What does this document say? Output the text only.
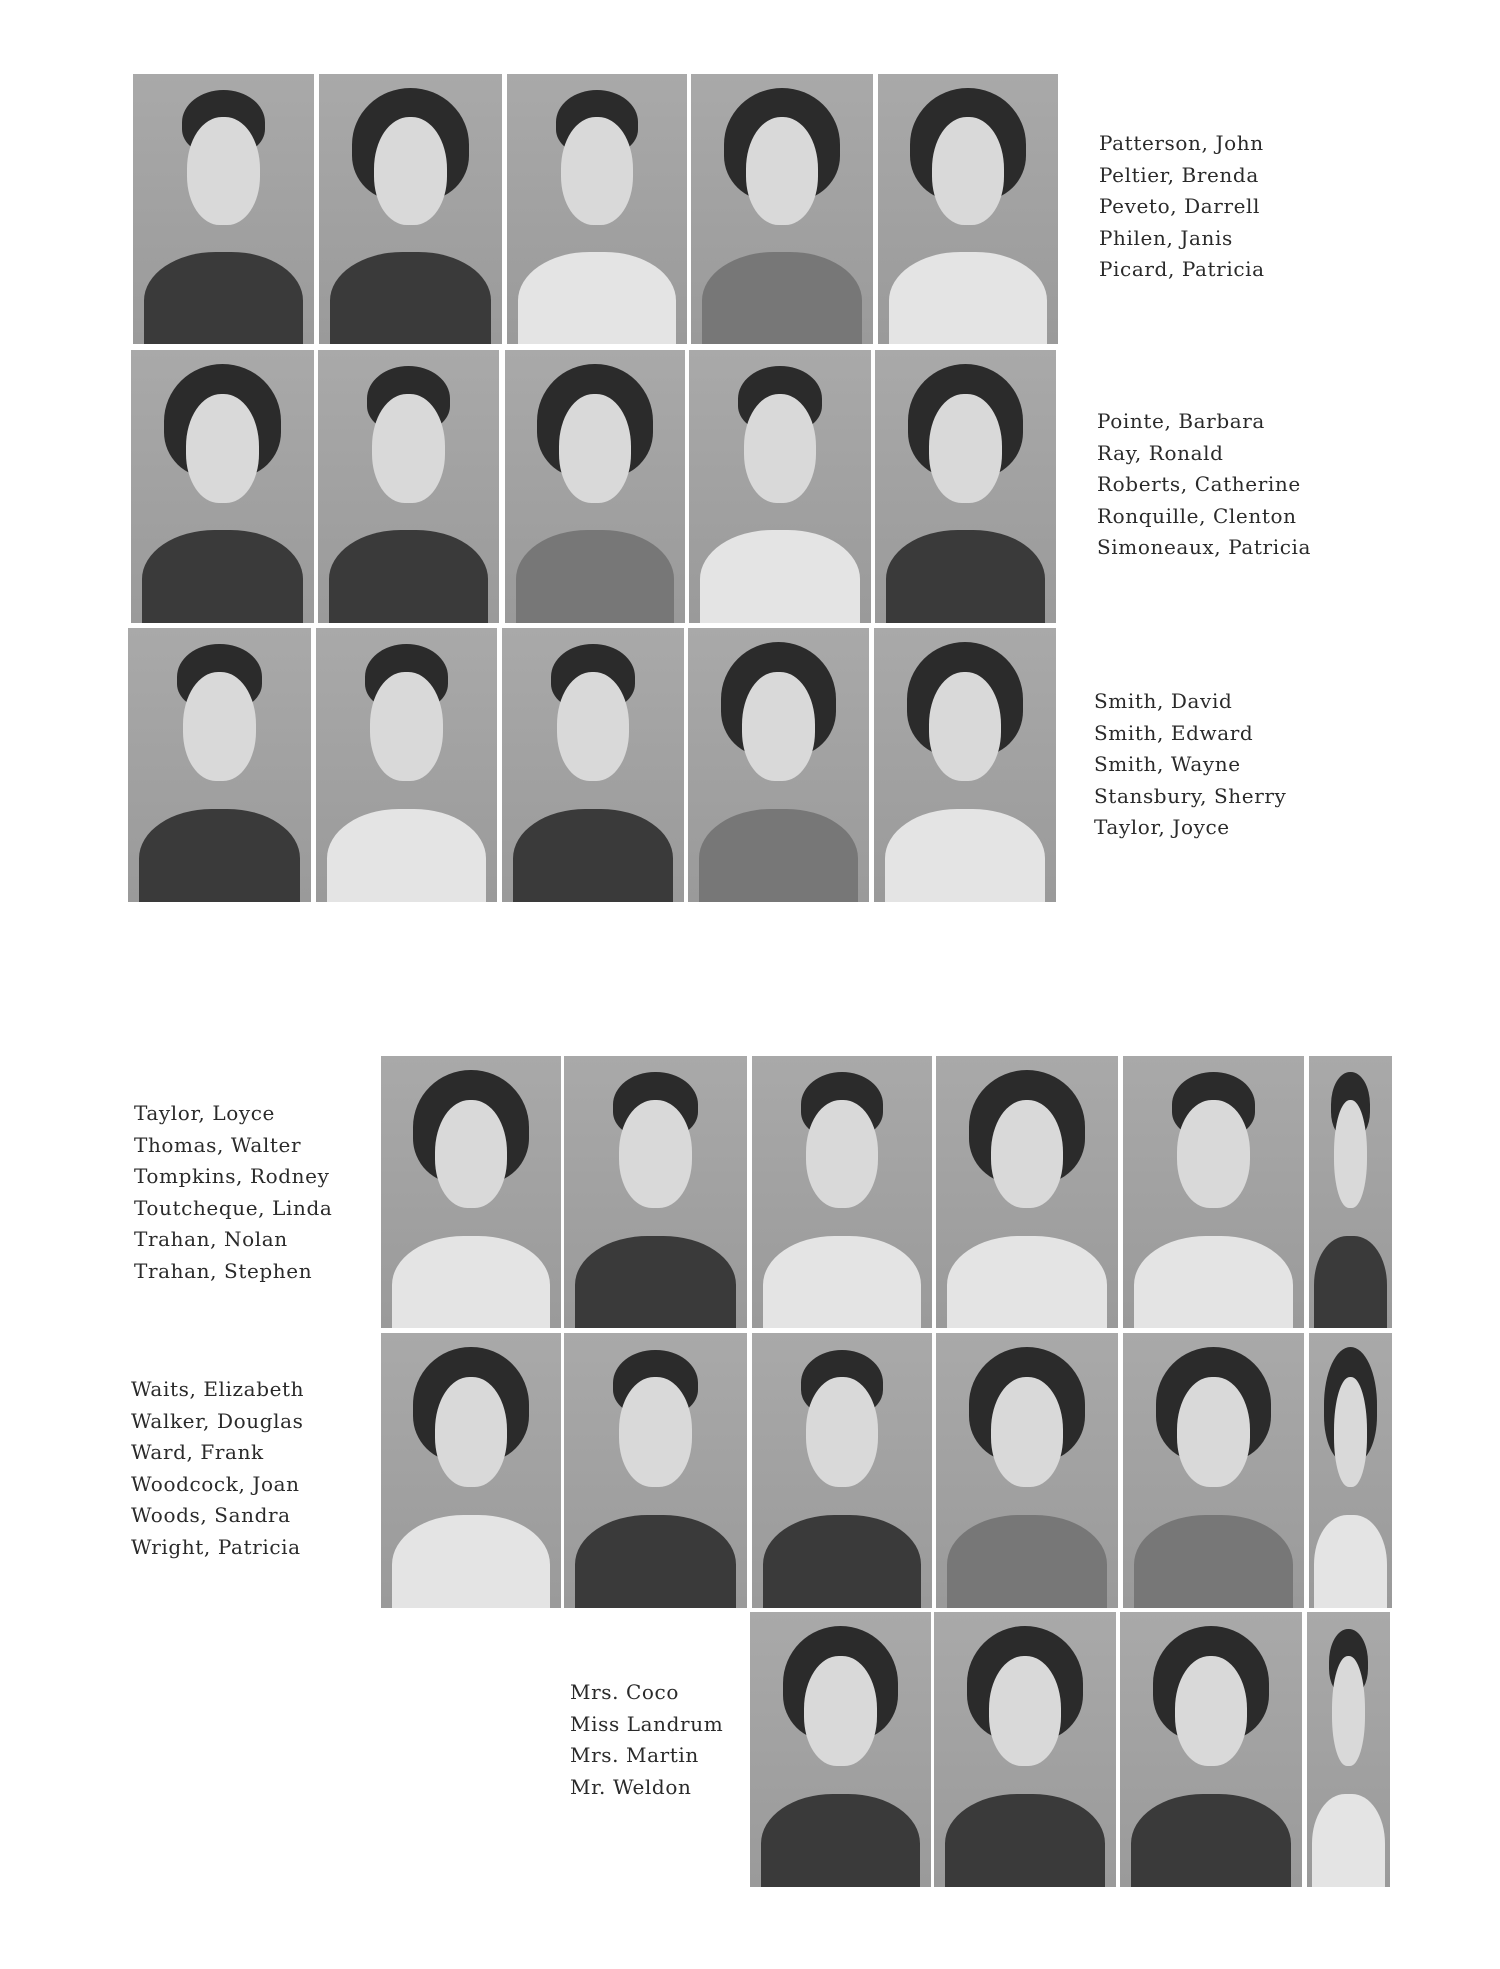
Patterson, John
Peltier, Brenda
Peveto, Darrell
Philen, Janis
Picard, Patricia
Pointe, Barbara
Ray, Ronald
Roberts, Catherine
Ronquille, Clenton
Simoneaux, Patricia
Smith, David
Smith, Edward
Smith, Wayne
Stansbury, Sherry
Taylor, Joyce
Taylor, Loyce
Thomas, Walter
Tompkins, Rodney
Toutcheque, Linda
Trahan, Nolan
Trahan, Stephen
Waits, Elizabeth
Walker, Douglas
Ward, Frank
Woodcock, Joan
Woods, Sandra
Wright, Patricia
Mrs. Coco
Miss Landrum
Mrs. Martin
Mr. Weldon
